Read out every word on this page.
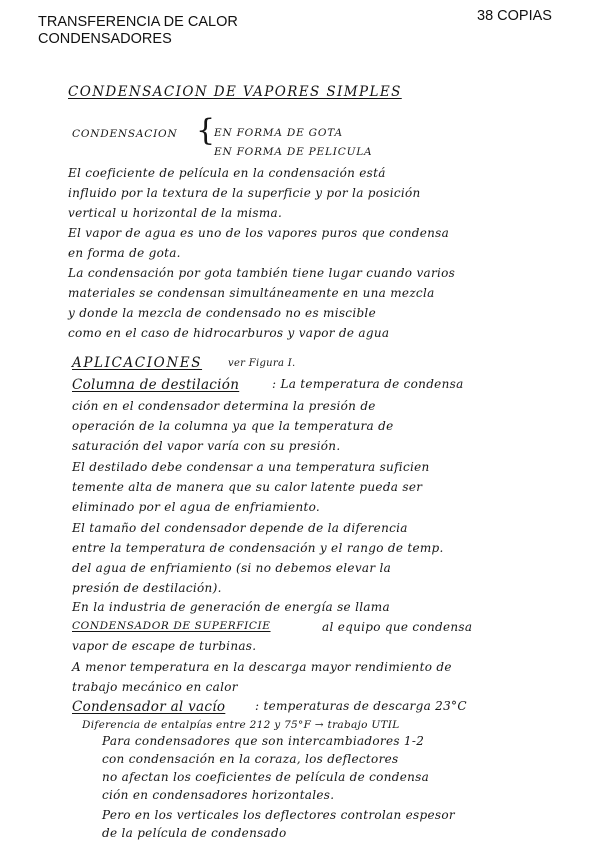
TRANSFERENCIA DE CALOR
CONDENSADORES
38 COPIAS
CONDENSACION DE VAPORES SIMPLES
CONDENSACION {
EN FORMA DE GOTA
EN FORMA DE PELICULA
El coeficiente de película en la condensación está
influido por la textura de la superficie y por la posición
vertical u horizontal de la misma.
El vapor de agua es uno de los vapores puros que condensa
en forma de gota.
La condensación por gota también tiene lugar cuando varios
materiales se condensan simultáneamente en una mezcla
y donde la mezcla de condensado no es miscible
como en el caso de hidrocarburos y vapor de agua
APLICACIONES	ver Figura I.
Columna de destilación	: La temperatura de condensa
ción en el condensador determina la presión de
operación de la columna ya que la temperatura de
saturación del vapor varía con su presión.
El destilado debe condensar a una temperatura suficien
temente alta de manera que su calor latente pueda ser
eliminado por el agua de enfriamiento.
El tamaño del condensador depende de la diferencia
entre la temperatura de condensación y el rango de temp.
del agua de enfriamiento (si no debemos elevar la
presión de destilación).
En la industria de generación de energía se llama
CONDENSADOR DE SUPERFICIE	al equipo que condensa
vapor de escape de turbinas.
A menor temperatura en la descarga mayor rendimiento de
trabajo mecánico en calor
Condensador al vacío : temperaturas de descarga 23°C
Diferencia de entalpías entre 212 y 75°F → trabajo UTIL
Para condensadores que son intercambiadores 1-2
con condensación en la coraza, los deflectores
no afectan los coeficientes de película de condensa
ción en condensadores horizontales.
Pero en los verticales los deflectores controlan espesor
de la película de condensado
